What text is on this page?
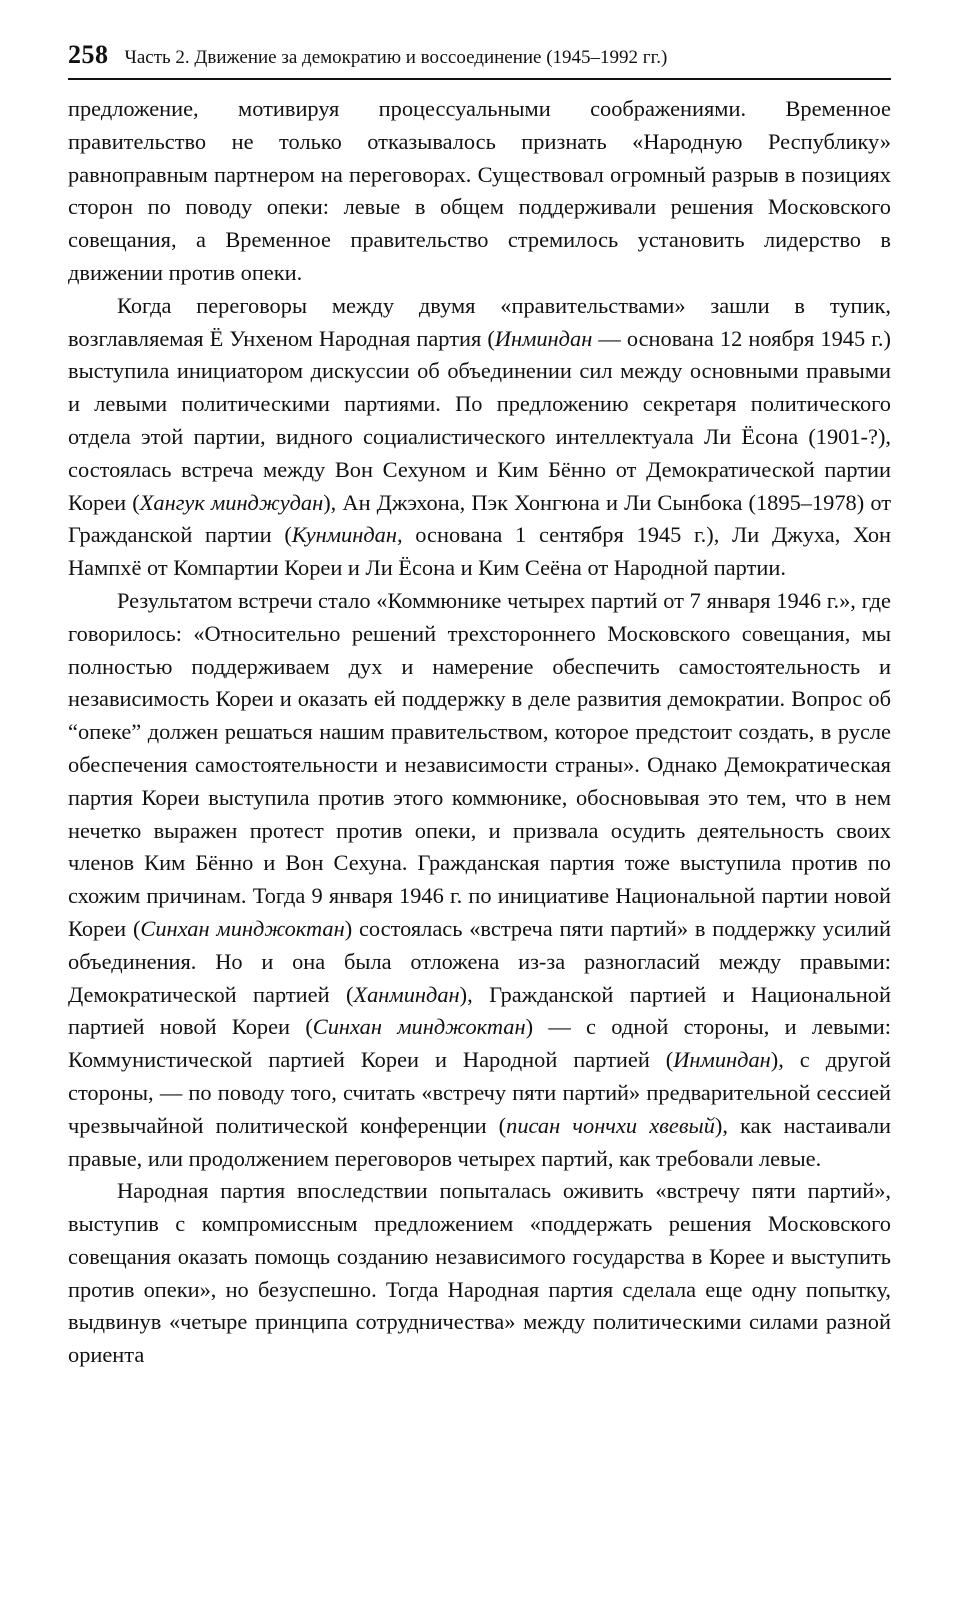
258 Часть 2. Движение за демократию и воссоединение (1945–1992 гг.)

предложение, мотивируя процессуальными соображениями. Временное правительство не только отказывалось признать «Народную Республику» равноправным партнером на переговорах. Существовал огромный разрыв в позициях сторон по поводу опеки: левые в общем поддерживали решения Московского совещания, а Временное правительство стремилось установить лидерство в движении против опеки.

Когда переговоры между двумя «правительствами» зашли в тупик, возглавляемая Ё Унхеном Народная партия (Инминдан — основана 12 ноября 1945 г.) выступила инициатором дискуссии об объединении сил между основными правыми и левыми политическими партиями. По предложению секретаря политического отдела этой партии, видного социалистического интеллектуала Ли Ёсона (1901-?), состоялась встреча между Вон Сехуном и Ким Бённо от Демократической партии Кореи (Хангук минджудан), Ан Джэхона, Пэк Хонгюна и Ли Сынбока (1895–1978) от Гражданской партии (Кунминдан, основана 1 сентября 1945 г.), Ли Джуха, Хон Нампхё от Компартии Кореи и Ли Ёсона и Ким Сеёна от Народной партии.

Результатом встречи стало «Коммюнике четырех партий от 7 января 1946 г.», где говорилось: «Относительно решений трехстороннего Московского совещания, мы полностью поддерживаем дух и намерение обеспечить самостоятельность и независимость Кореи и оказать ей поддержку в деле развития демократии. Вопрос об “опеке” должен решаться нашим правительством, которое предстоит создать, в русле обеспечения самостоятельности и независимости страны». Однако Демократическая партия Кореи выступила против этого коммюнике, обосновывая это тем, что в нем нечетко выражен протест против опеки, и призвала осудить деятельность своих членов Ким Бённо и Вон Сехуна. Гражданская партия тоже выступила против по схожим причинам. Тогда 9 января 1946 г. по инициативе Национальной партии новой Кореи (Синхан минджоктан) состоялась «встреча пяти партий» в поддержку усилий объединения. Но и она была отложена из-за разногласий между правыми: Демократической партией (Ханминдан), Гражданской партией и Национальной партией новой Кореи (Синхан минджоктан) — с одной стороны, и левыми: Коммунистической партией Кореи и Народной партией (Инминдан), с другой стороны, — по поводу того, считать «встречу пяти партий» предварительной сессией чрезвычайной политической конференции (писан чончхи хвевый), как настаивали правые, или продолжением переговоров четырех партий, как требовали левые.

Народная партия впоследствии попыталась оживить «встречу пяти партий», выступив с компромиссным предложением «поддержать решения Московского совещания оказать помощь созданию независимого государства в Корее и выступить против опеки», но безуспешно. Тогда Народная партия сделала еще одну попытку, выдвинув «четыре принципа сотрудничества» между политическими силами разной ориента
